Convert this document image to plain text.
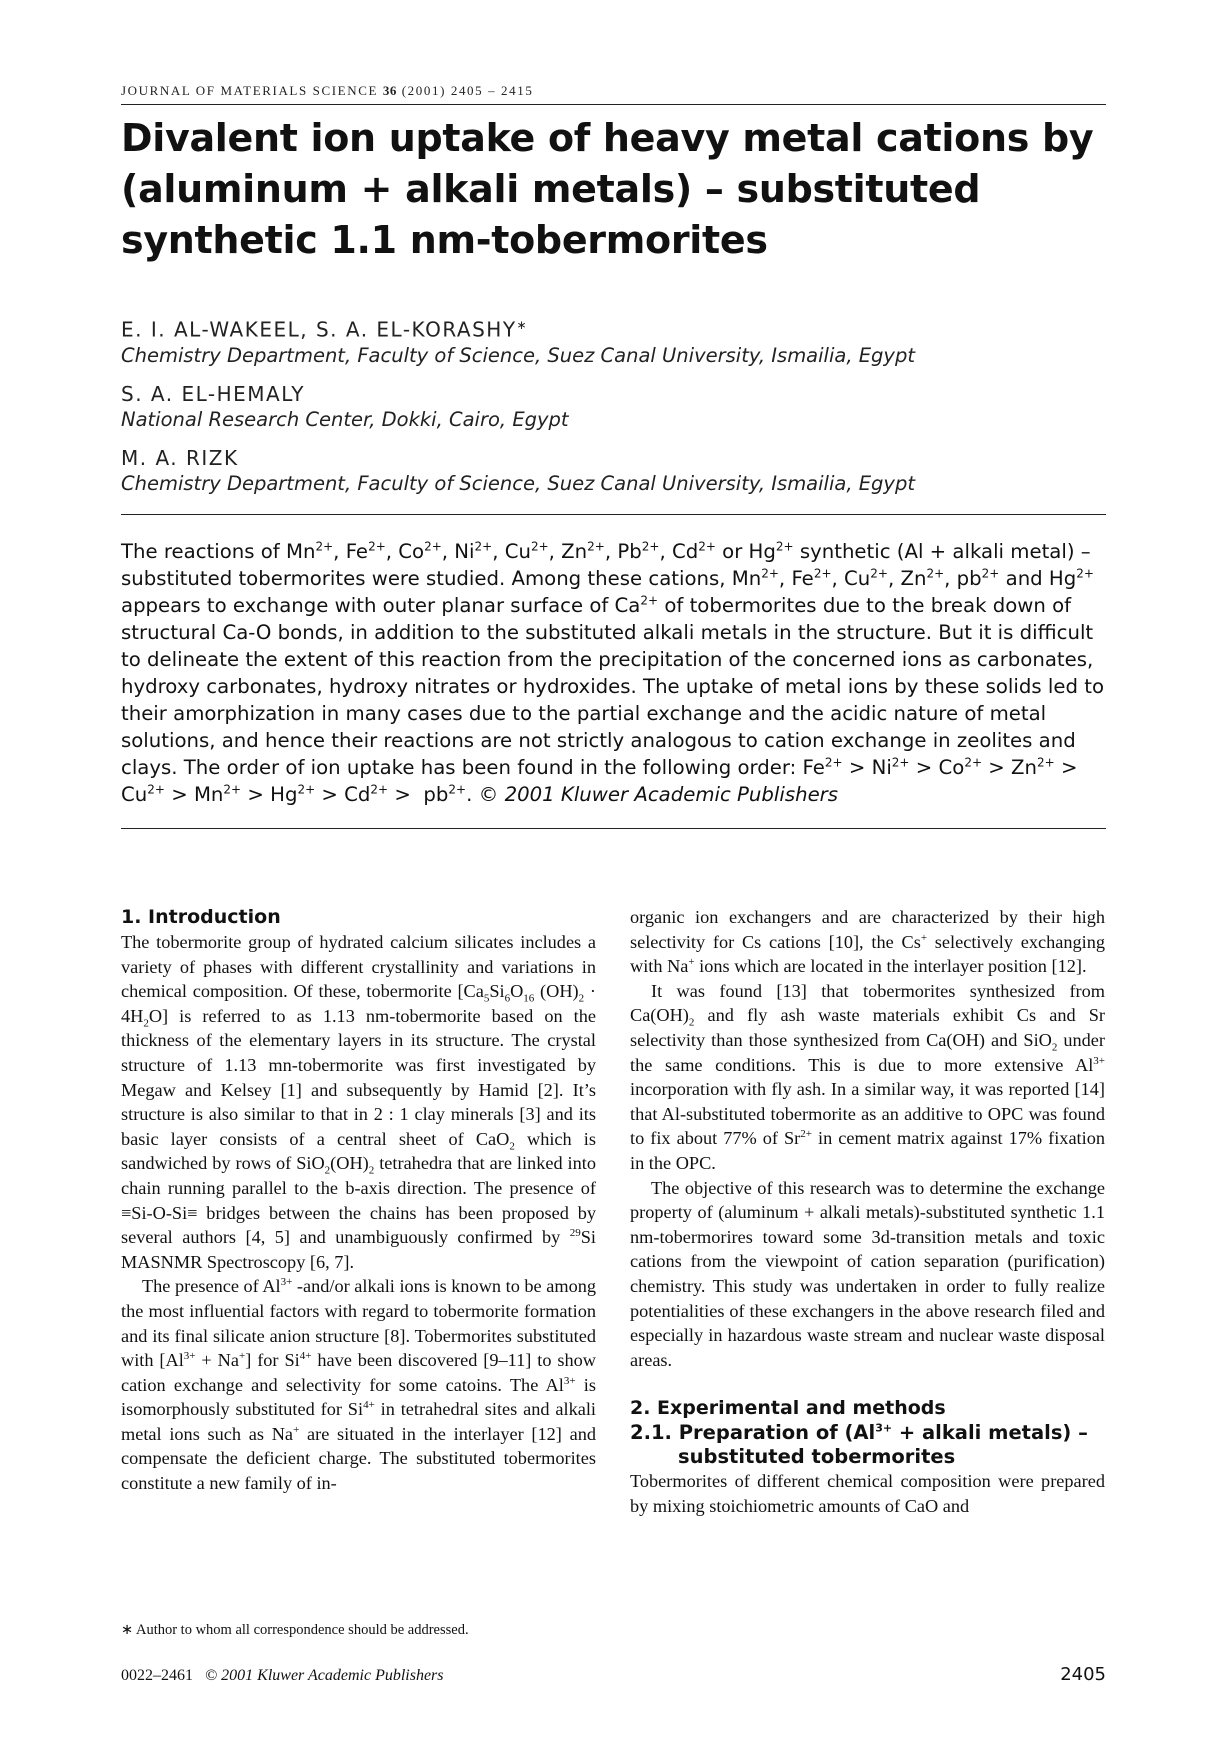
JOURNAL OF MATERIALS SCIENCE 36 (2001) 2405 – 2415
Divalent ion uptake of heavy metal cations by (aluminum + alkali metals) – substituted synthetic 1.1 nm-tobermorites
E. I. AL-WAKEEL, S. A. EL-KORASHY∗
Chemistry Department, Faculty of Science, Suez Canal University, Ismailia, Egypt
S. A. EL-HEMALY
National Research Center, Dokki, Cairo, Egypt
M. A. RIZK
Chemistry Department, Faculty of Science, Suez Canal University, Ismailia, Egypt

The reactions of $Mn^{2+}$, $Fe^{2+}$, $Co^{2+}$, $Ni^{2+}$, $Cu^{2+}$, $Zn^{2+}$, $Pb^{2+}$, $Cd^{2+}$ or $Hg^{2+}$ synthetic (Al + alkali metal) – substituted tobermorites were studied. Among these cations, $Mn^{2+}$, $Fe^{2+}$, $Cu^{2+}$, $Zn^{2+}$, $pb^{2+}$ and $Hg^{2+}$ appears to exchange with outer planar surface of $Ca^{2+}$ of tobermorites due to the break down of structural Ca-O bonds, in addition to the substituted alkali metals in the structure. But it is difficult to delineate the extent of this reaction from the precipitation of the concerned ions as carbonates, hydroxy carbonates, hydroxy nitrates or hydroxides. The uptake of metal ions by these solids led to their amorphization in many cases due to the partial exchange and the acidic nature of metal solutions, and hence their reactions are not strictly analogous to cation exchange in zeolites and clays. The order of ion uptake has been found in the following order: $Fe^{2+} > Ni^{2+} > Co^{2+} > Zn^{2+} > Cu^{2+} > Mn^{2+} > Hg^{2+} > Cd^{2+} > pb^{2+}$. © 2001 Kluwer Academic Publishers

1. Introduction

The tobermorite group of hydrated calcium silicates includes a variety of phases with different crystallinity and variations in chemical composition. Of these, tobermorite [$Ca_5Si_6O_{16}$ $(OH)_2 \cdot 4H_2O$] is referred to as 1.13 nm-tobermorite based on the thickness of the elementary layers in its structure. The crystal structure of 1.13 mn-tobermorite was first investigated by Megaw and Kelsey [1] and subsequently by Hamid [2]. It’s structure is also similar to that in 2 : 1 clay minerals [3] and its basic layer consists of a central sheet of CaO$_2$ which is sandwiched by rows of $SiO_2(OH)_2$ tetrahedra that are linked into chain running parallel to the b-axis direction. The presence of ≡Si-O-Si≡ bridges between the chains has been proposed by several authors [4, 5] and unambiguously confirmed by $^{29}$Si MASNMR Spectroscopy [6, 7].

The presence of $Al^{3+}$ -and/or alkali ions is known to be among the most influential factors with regard to tobermorite formation and its final silicate anion structure [8]. Tobermorites substituted with $[Al^{3+} + Na^+]$ for $Si^{4+}$ have been discovered [9–11] to show cation exchange and selectivity for some catoins. The $Al^{3+}$ is isomorphously substituted for $Si^{4+}$ in tetrahedral sites and alkali metal ions such as Na+ are situated in the interlayer [12] and compensate the deficient charge. The substituted tobermorites constitute a new family of in-

organic ion exchangers and are characterized by their high selectivity for Cs cations [10], the Cs+ selectively exchanging with Na+ ions which are located in the interlayer position [12].

It was found [13] that tobermorites synthesized from $Ca(OH)_2$ and fly ash waste materials exhibit Cs and Sr selectivity than those synthesized from Ca(OH) and SiO$_2$ under the same conditions. This is due to more extensive $Al^{3+}$ incorporation with fly ash. In a similar way, it was reported [14] that Al-substituted tobermorite as an additive to OPC was found to fix about 77% of $Sr^{2+}$ in cement matrix against 17% fixation in the OPC.

The objective of this research was to determine the exchange property of (aluminum + alkali metals)-substituted synthetic 1.1 nm-tobermorires toward some 3d-transition metals and toxic cations from the viewpoint of cation separation (purification) chemistry. This study was undertaken in order to fully realize potentialities of these exchangers in the above research filed and especially in hazardous waste stream and nuclear waste disposal areas.

2. Experimental and methods
2.1. Preparation of ($Al^{3+}$ + alkali metals) –
substituted tobermorites

Tobermorites of different chemical composition were prepared by mixing stoichiometric amounts of CaO and

∗ Author to whom all correspondence should be addressed.
0022–2461 © 2001 Kluwer Academic Publishers	2405
